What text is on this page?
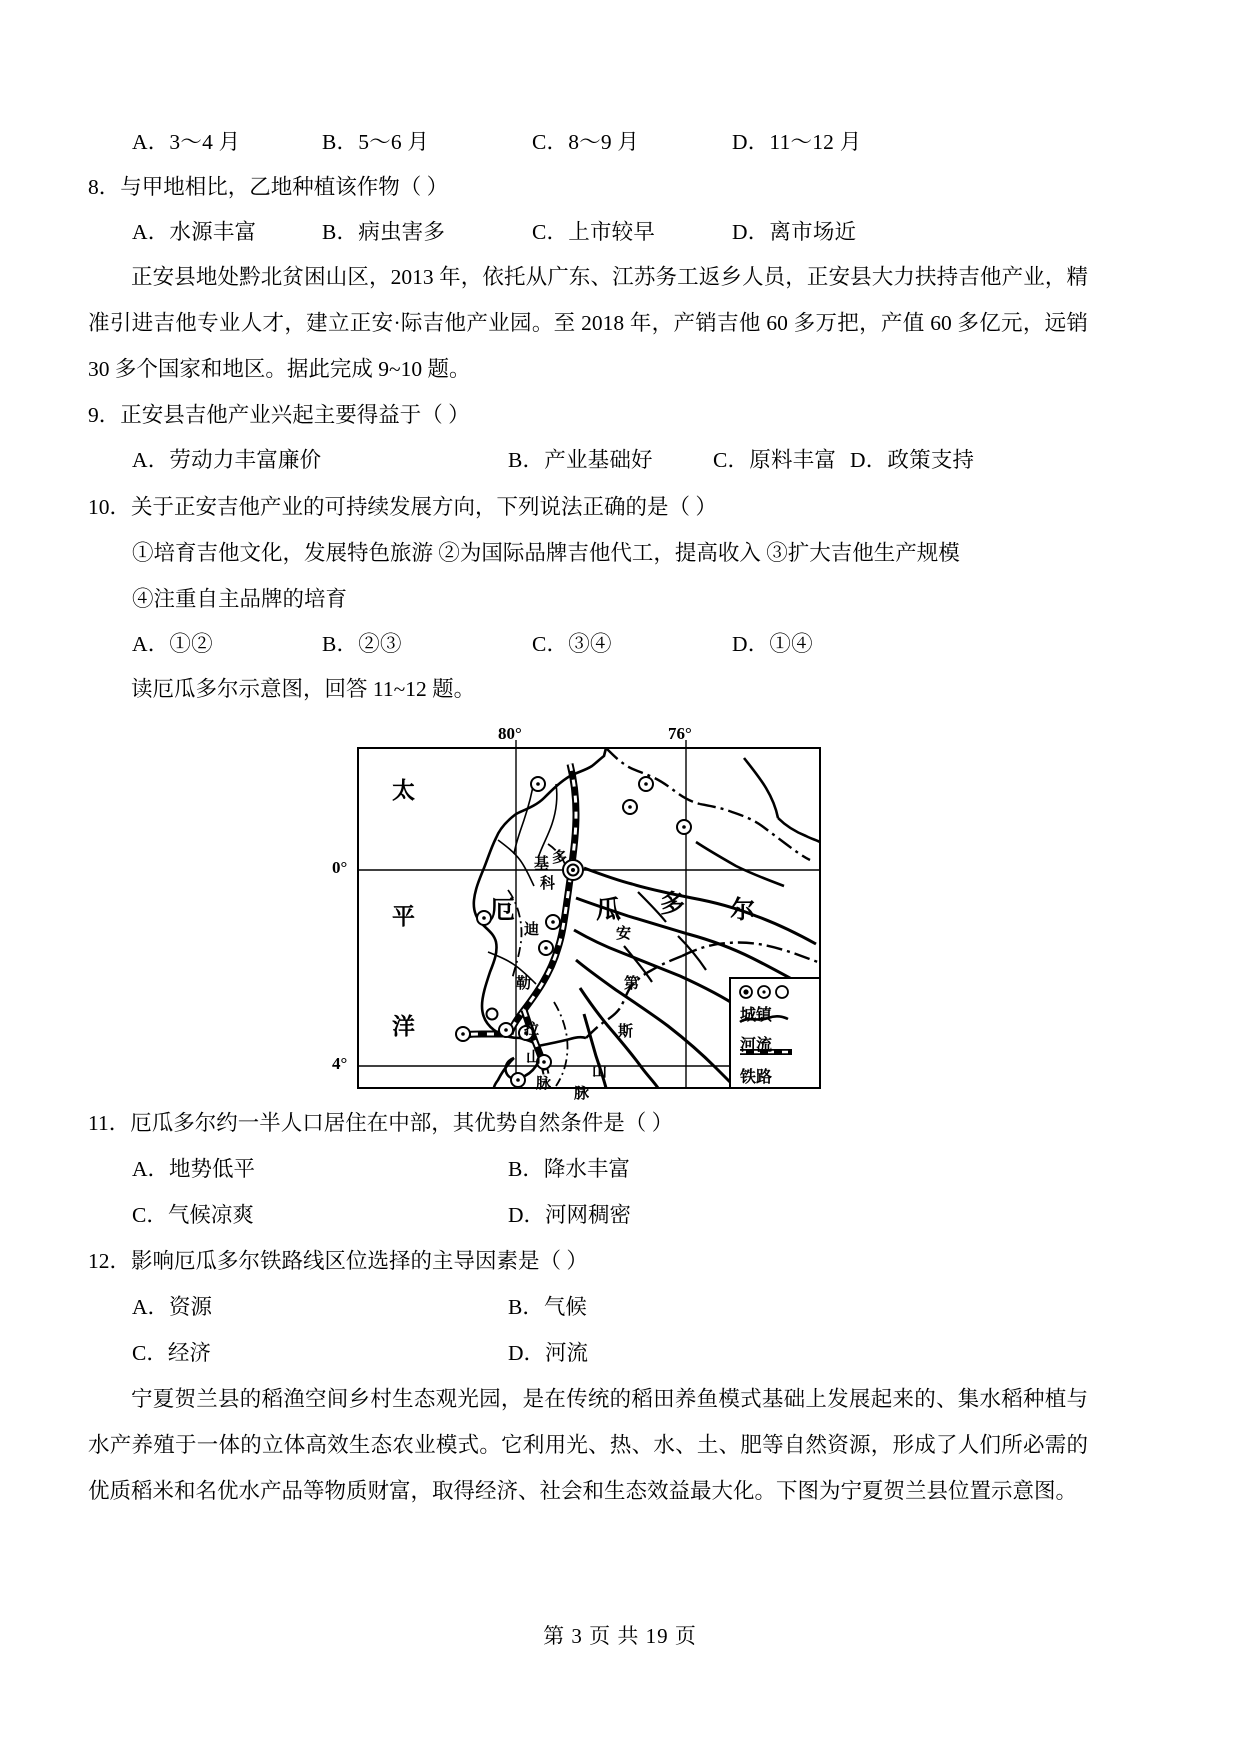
A．3～4 月	B．5～6 月	C．8～9 月	D．11～12 月
8．与甲地相比，乙地种植该作物（ ）
A．水源丰富	B．病虫害多	C．上市较早	D．离市场近
正安县地处黔北贫困山区，2013 年，依托从广东、江苏务工返乡人员，正安县大力扶持吉他产业，精准引进吉他专业人才，建立正安·际吉他产业园。至 2018 年，产销吉他 60 多万把，产值 60 多亿元，远销 30 多个国家和地区。据此完成 9~10 题。
9．正安县吉他产业兴起主要得益于（ ）
A．劳动力丰富廉价	B．产业基础好	C．原料丰富 D．政策支持
10．关于正安吉他产业的可持续发展方向，下列说法正确的是（ ）
①培育吉他文化，发展特色旅游 ②为国际品牌吉他代工，提高收入 ③扩大吉他生产规模
④注重自主品牌的培育
A．①②	B．②③	C．③④	D．①④
读厄瓜多尔示意图，回答 11~12 题。
80°	76°
0°
4°
太
平
洋
厄	瓜 多 尔
基 多
科
迪
勒
拉
山
脉
安
第
斯
山
脉
城镇
河流
铁路
11．厄瓜多尔约一半人口居住在中部，其优势自然条件是（ ）
A．地势低平	B．降水丰富
C．气候凉爽	D．河网稠密
12．影响厄瓜多尔铁路线区位选择的主导因素是（ ）
A．资源	B．气候
C．经济	D．河流
宁夏贺兰县的稻渔空间乡村生态观光园，是在传统的稻田养鱼模式基础上发展起来的、集水稻种植与水产养殖于一体的立体高效生态农业模式。它利用光、热、水、土、肥等自然资源，形成了人们所必需的优质稻米和名优水产品等物质财富，取得经济、社会和生态效益最大化。下图为宁夏贺兰县位置示意图。
第 3 页 共 19 页
